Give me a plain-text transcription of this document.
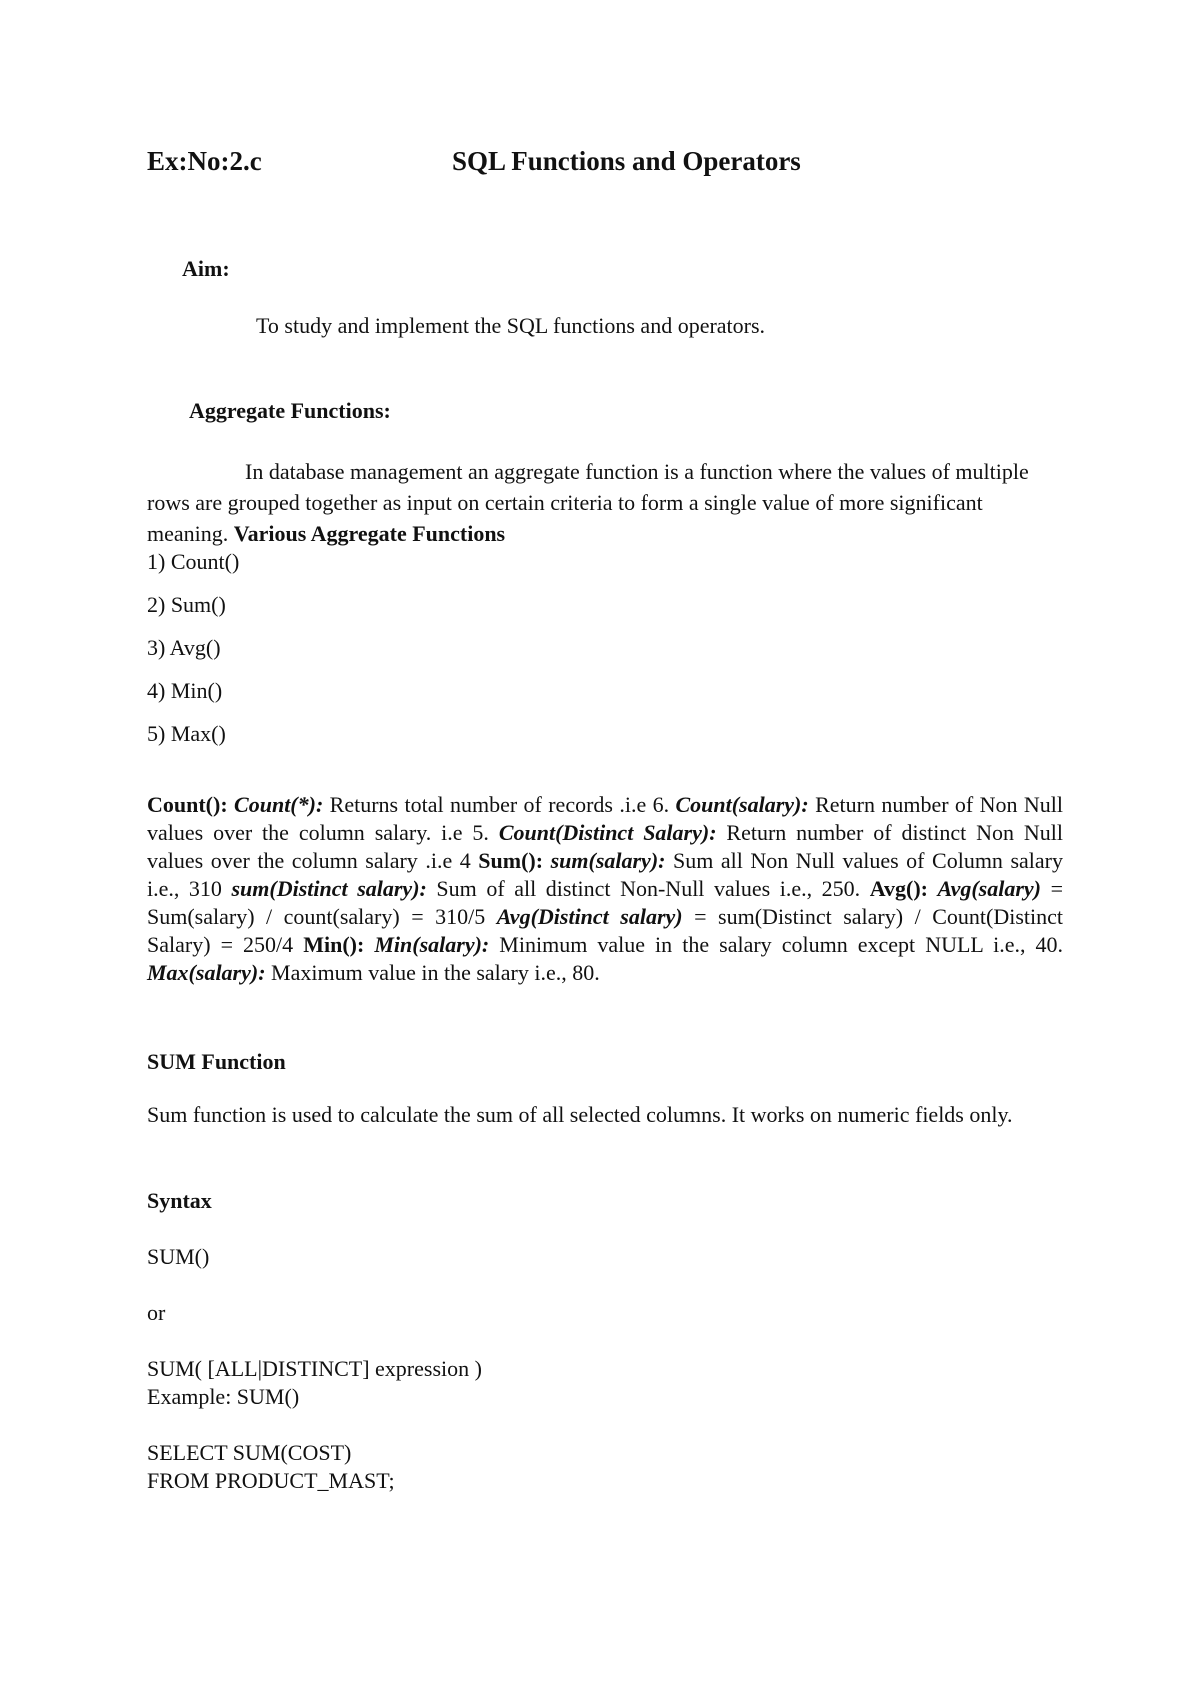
Ex:No:2.c	SQL Functions and Operators
Aim:
To study and implement the SQL functions and operators.
Aggregate Functions:
In database management an aggregate function is a function where the values of multiple rows are grouped together as input on certain criteria to form a single value of more significant meaning. Various Aggregate Functions
1) Count()
2) Sum()
3) Avg()
4) Min()
5) Max()
Count(): Count(*): Returns total number of records .i.e 6. Count(salary): Return number of Non Null values over the column salary. i.e 5. Count(Distinct Salary): Return number of distinct Non Null values over the column salary .i.e 4 Sum(): sum(salary): Sum all Non Null values of Column salary i.e., 310 sum(Distinct salary): Sum of all distinct Non-Null values i.e., 250. Avg(): Avg(salary) = Sum(salary) / count(salary) = 310/5 Avg(Distinct salary) = sum(Distinct salary) / Count(Distinct Salary) = 250/4 Min(): Min(salary): Minimum value in the salary column except NULL i.e., 40. Max(salary): Maximum value in the salary i.e., 80.
SUM Function
Sum function is used to calculate the sum of all selected columns. It works on numeric fields only.
Syntax
SUM()
or
SUM( [ALL|DISTINCT] expression )
Example: SUM()
SELECT SUM(COST)
FROM PRODUCT_MAST;
